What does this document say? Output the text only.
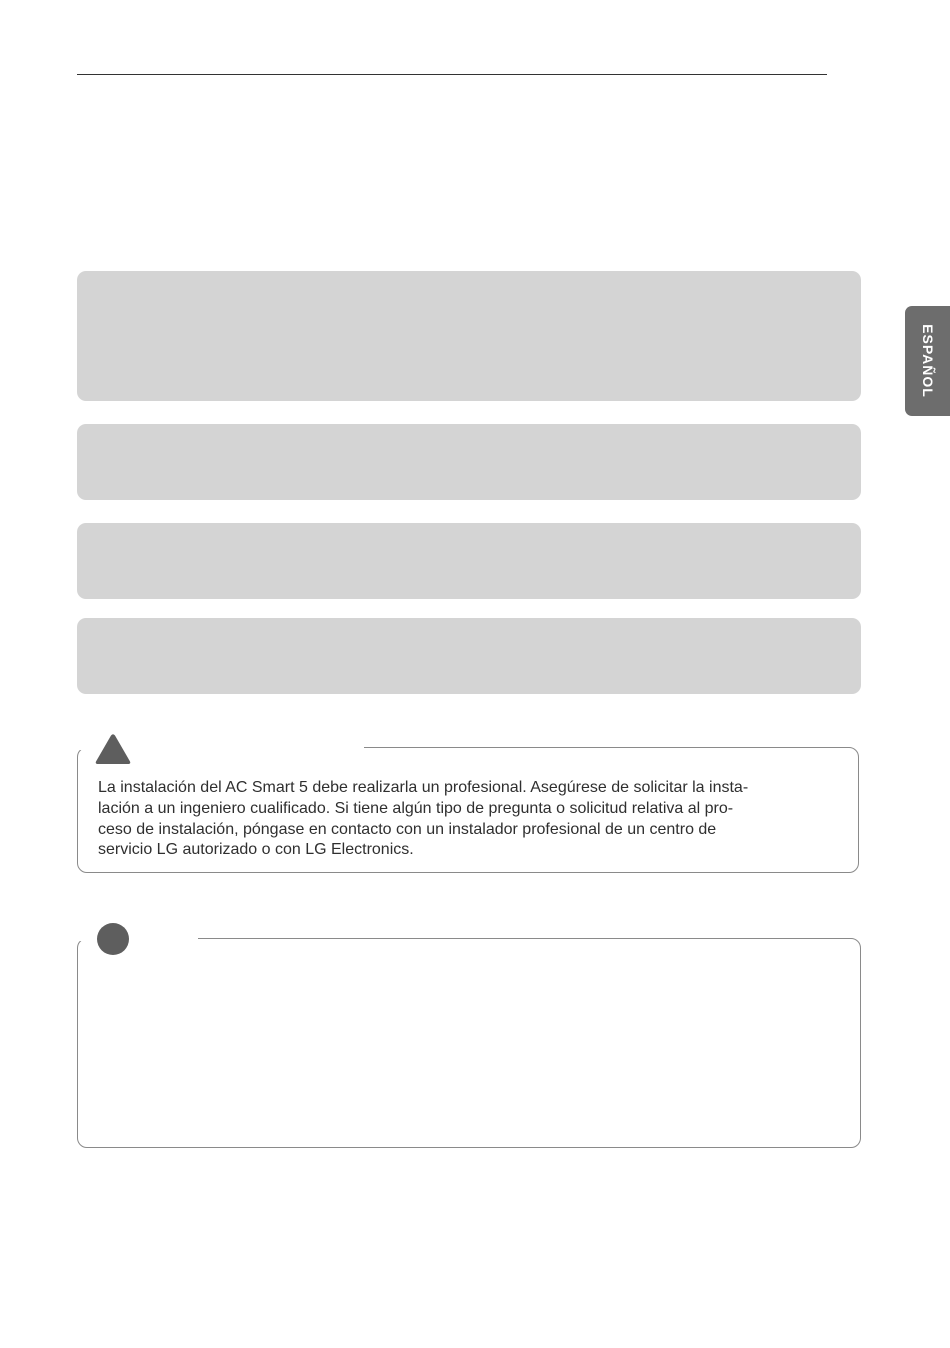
ESPAÑOL

La instalación del AC Smart 5 debe realizarla un profesional. Asegúrese de solicitar la insta-
lación a un ingeniero cualificado. Si tiene algún tipo de pregunta o solicitud relativa al pro-
ceso de instalación, póngase en contacto con un instalador profesional de un centro de
servicio LG autorizado o con LG Electronics.
